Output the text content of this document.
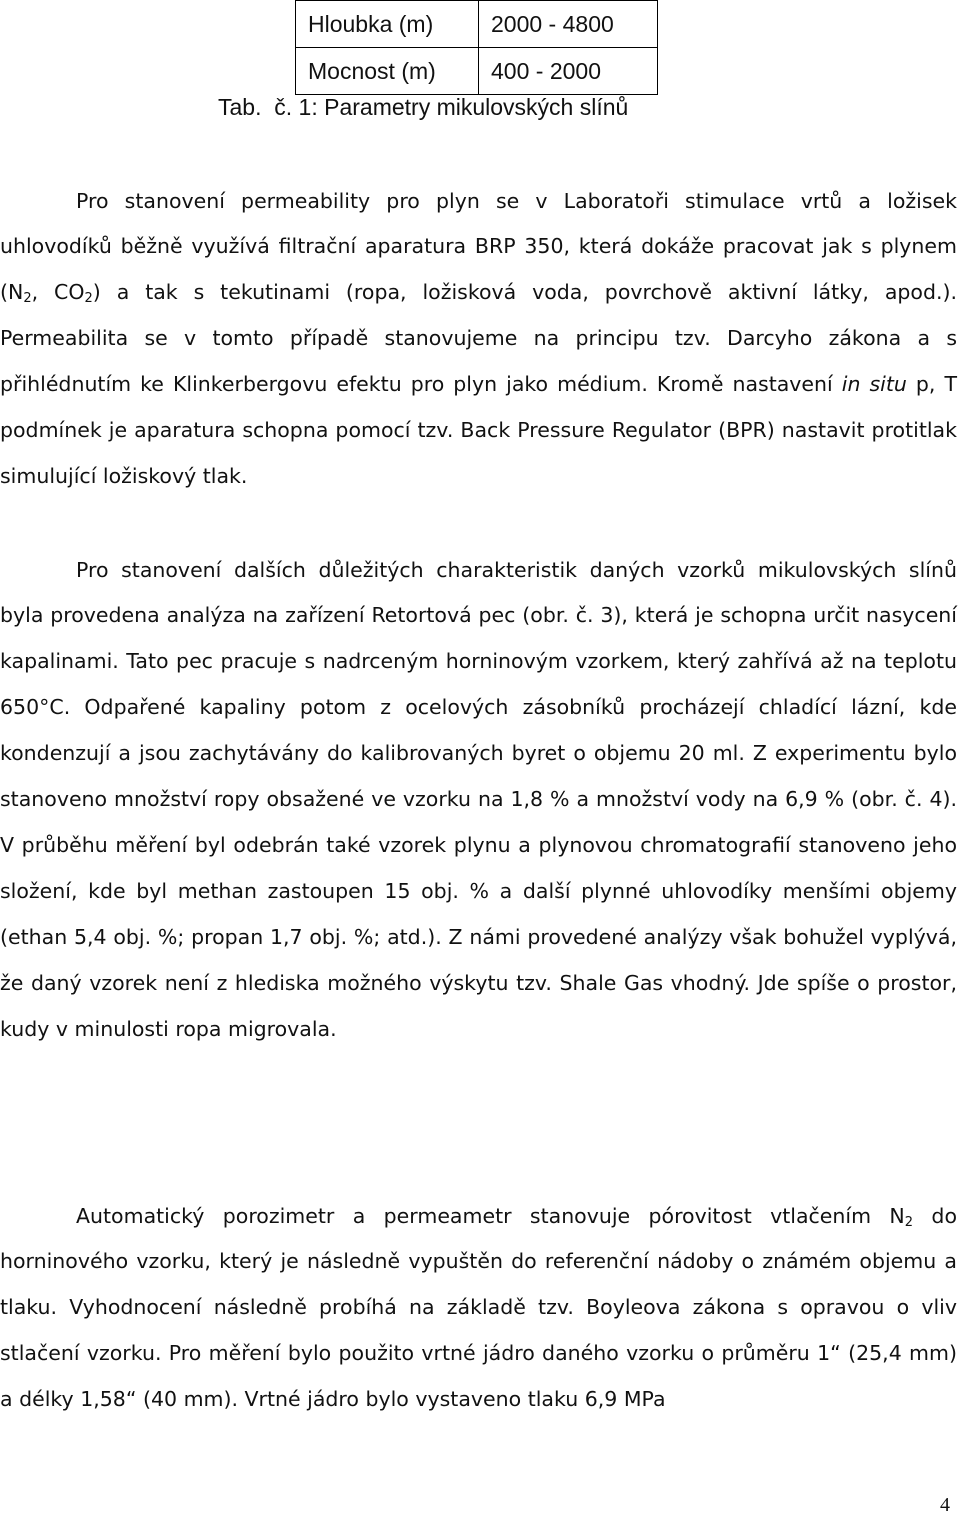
Hloubka (m)	2000 - 4800
Mocnost (m)	400 - 2000
Tab.  č. 1: Parametry mikulovských slínů

Pro stanovení permeability pro plyn se v Laboratoři stimulace vrtů a ložisek uhlovodíků běžně využívá filtrační aparatura BRP 350, která dokáže pracovat jak s plynem ($N_2$, $CO_2$) a tak s tekutinami (ropa, ložisková voda, povrchově aktivní látky, apod.). Permeabilita se v tomto případě stanovujeme na principu tzv. Darcyho zákona a s přihlédnutím ke Klinkerbergovu efektu pro plyn jako médium. Kromě nastavení in situ p, T podmínek je aparatura schopna pomocí tzv. Back Pressure Regulator (BPR) nastavit protitlak simulující ložiskový tlak.

Pro stanovení dalších důležitých charakteristik daných vzorků mikulovských slínů byla provedena analýza na zařízení Retortová pec (obr. č. 3), která je schopna určit nasycení kapalinami. Tato pec pracuje s nadrceným horninovým vzorkem, který zahřívá až na teplotu 650°C. Odpařené kapaliny potom z ocelových zásobníků procházejí chladící lázní, kde kondenzují a jsou zachytávány do kalibrovaných byret o objemu 20 ml. Z experimentu bylo stanoveno množství ropy obsažené ve vzorku na 1,8 % a množství vody na 6,9 % (obr. č. 4). V průběhu měření byl odebrán také vzorek plynu a plynovou chromatografií stanoveno jeho složení, kde byl methan zastoupen 15 obj. % a další plynné uhlovodíky menšími objemy (ethan 5,4 obj. %; propan 1,7 obj. %; atd.). Z námi provedené analýzy však bohužel vyplývá, že daný vzorek není z hlediska možného výskytu tzv. Shale Gas vhodný. Jde spíše o prostor, kudy v minulosti ropa migrovala.

Automatický porozimetr a permeametr stanovuje pórovitost vtlačením $N_2$ do horninového vzorku, který je následně vypuštěn do referenční nádoby o známém objemu a tlaku. Vyhodnocení následně probíhá na základě tzv. Boyleova zákona s opravou o vliv stlačení vzorku. Pro měření bylo použito vrtné jádro daného vzorku o průměru 1“ (25,4 mm) a délky 1,58“ (40 mm). Vrtné jádro bylo vystaveno tlaku 6,9 MPa

4
